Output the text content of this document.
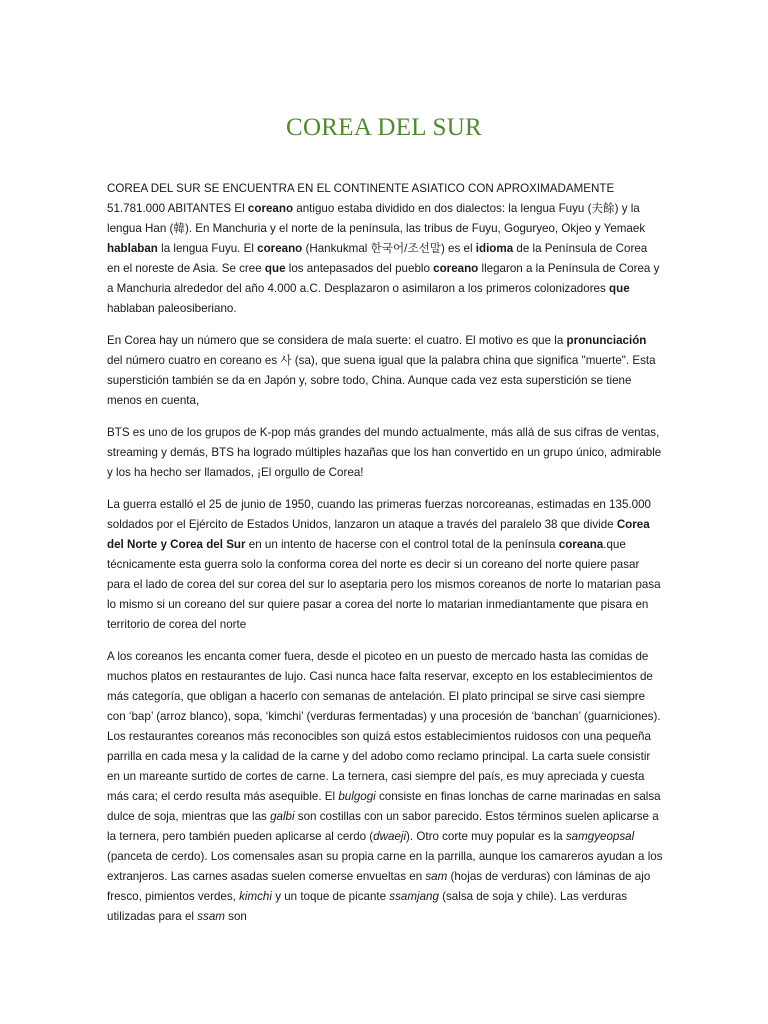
COREA DEL SUR

COREA DEL SUR SE ENCUENTRA EN EL CONTINENTE ASIATICO CON APROXIMADAMENTE 51.781.000 ABITANTES El coreano antiguo estaba dividido en dos dialectos: la lengua Fuyu (夫餘) y la lengua Han (韓). En Manchuria y el norte de la península, las tribus de Fuyu, Goguryeo, Okjeo y Yemaek hablaban la lengua Fuyu. El coreano (Hankukmal 한국어/조선말) es el idioma de la Península de Corea en el noreste de Asia. Se cree que los antepasados del pueblo coreano llegaron a la Península de Corea y a Manchuria alrededor del año 4.000 a.C. Desplazaron o asimilaron a los primeros colonizadores que hablaban paleosiberiano.

En Corea hay un número que se considera de mala suerte: el cuatro. El motivo es que la pronunciación del número cuatro en coreano es 사 (sa), que suena igual que la palabra china que significa "muerte". Esta superstición también se da en Japón y, sobre todo, China. Aunque cada vez esta superstición se tiene menos en cuenta,

BTS es uno de los grupos de K-pop más grandes del mundo actualmente, más allá de sus cifras de ventas, streaming y demás, BTS ha logrado múltiples hazañas que los han convertido en un grupo único, admirable y los ha hecho ser llamados, ¡El orgullo de Corea!

La guerra estalló el 25 de junio de 1950, cuando las primeras fuerzas norcoreanas, estimadas en 135.000 soldados por el Ejército de Estados Unidos, lanzaron un ataque a través del paralelo 38 que divide Corea del Norte y Corea del Sur en un intento de hacerse con el control total de la península coreana.que técnicamente esta guerra solo la conforma corea del norte es decir si un coreano del norte quiere pasar para el lado de corea del sur corea del sur lo aseptaria pero los mismos coreanos de norte lo matarian pasa lo mismo si un coreano del sur quiere pasar a corea del norte lo matarian inmediantamente que pisara en territorio de corea del norte

A los coreanos les encanta comer fuera, desde el picoteo en un puesto de mercado hasta las comidas de muchos platos en restaurantes de lujo. Casi nunca hace falta reservar, excepto en los establecimientos de más categoría, que obligan a hacerlo con semanas de antelación. El plato principal se sirve casi siempre con ‘bap’ (arroz blanco), sopa, ‘kimchi’ (verduras fermentadas) y una procesión de ‘banchan’ (guarniciones). Los restaurantes coreanos más reconocibles son quizá estos establecimientos ruidosos con una pequeña parrilla en cada mesa y la calidad de la carne y del adobo como reclamo principal. La carta suele consistir en un mareante surtido de cortes de carne. La ternera, casi siempre del país, es muy apreciada y cuesta más cara; el cerdo resulta más asequible. El bulgogi consiste en finas lonchas de carne marinadas en salsa dulce de soja, mientras que las galbi son costillas con un sabor parecido. Estos términos suelen aplicarse a la ternera, pero también pueden aplicarse al cerdo (dwaeji). Otro corte muy popular es la samgyeopsal (panceta de cerdo). Los comensales asan su propia carne en la parrilla, aunque los camareros ayudan a los extranjeros. Las carnes asadas suelen comerse envueltas en sam (hojas de verduras) con láminas de ajo fresco, pimientos verdes, kimchi y un toque de picante ssamjang (salsa de soja y chile). Las verduras utilizadas para el ssam son
